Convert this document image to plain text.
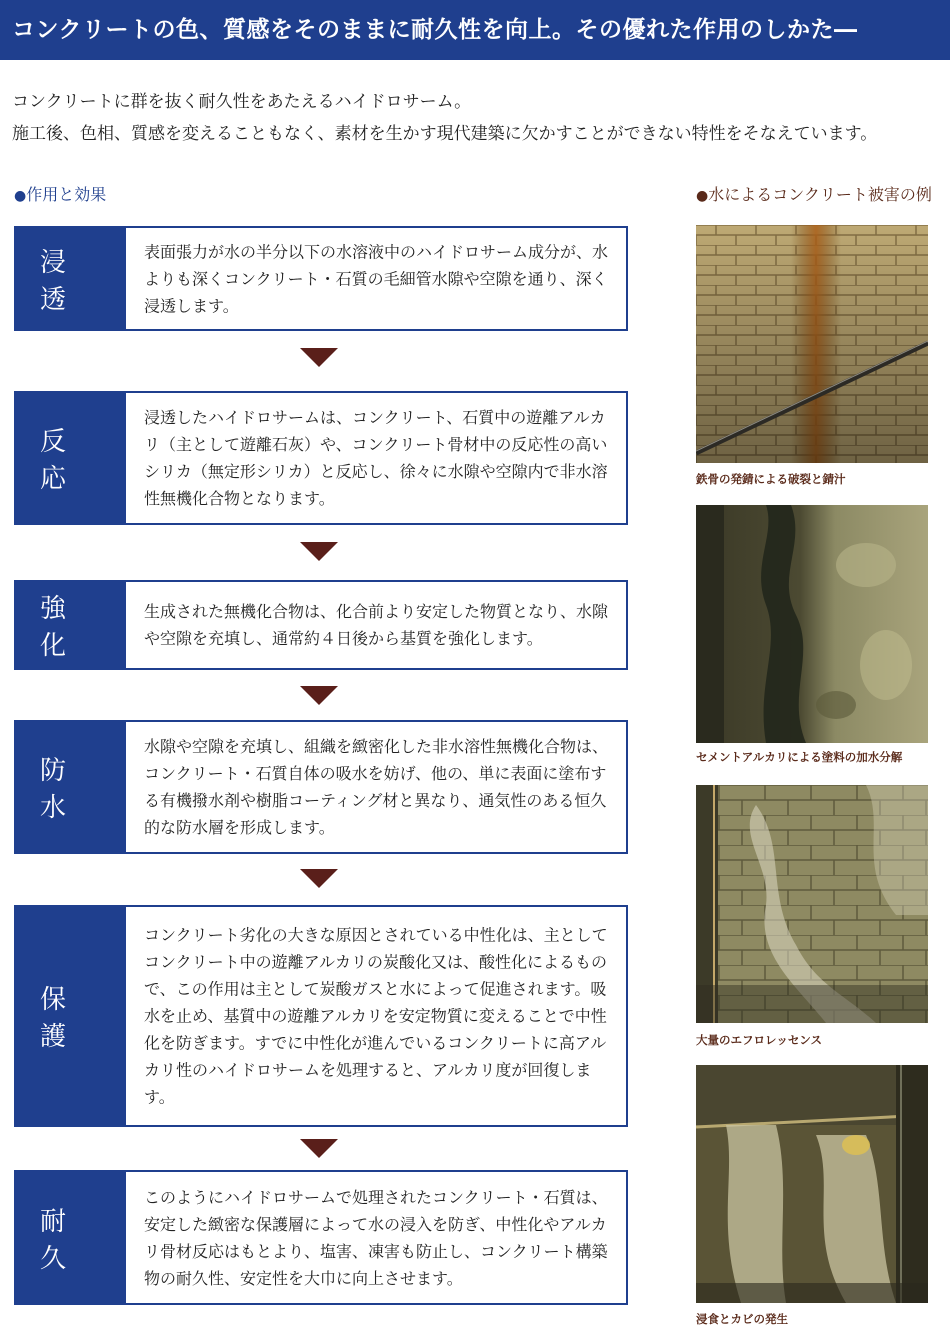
コンクリートの色、質感をそのままに耐久性を向上。その優れた作用のしかた―
コンクリートに群を抜く耐久性をあたえるハイドロサーム。
施工後、色相、質感を変えることもなく、素材を生かす現代建築に欠かすことができない特性をそなえています。
●作用と効果	●水によるコンクリート被害の例
浸透
表面張力が水の半分以下の水溶液中のハイドロサーム成分が、水よりも深くコンクリート・石質の毛細管水隙や空隙を通り、深く浸透します。
反応
浸透したハイドロサームは、コンクリート、石質中の遊離アルカリ（主として遊離石灰）や、コンクリート骨材中の反応性の高いシリカ（無定形シリカ）と反応し、徐々に水隙や空隙内で非水溶性無機化合物となります。
強化
生成された無機化合物は、化合前より安定した物質となり、水隙や空隙を充填し、通常約４日後から基質を強化します。
防水
水隙や空隙を充填し、組織を緻密化した非水溶性無機化合物は、コンクリート・石質自体の吸水を妨げ、他の、単に表面に塗布する有機撥水剤や樹脂コーティング材と異なり、通気性のある恒久的な防水層を形成します。
保護
コンクリート劣化の大きな原因とされている中性化は、主としてコンクリート中の遊離アルカリの炭酸化又は、酸性化によるもので、この作用は主として炭酸ガスと水によって促進されます。吸水を止め、基質中の遊離アルカリを安定物質に変えることで中性化を防ぎます。すでに中性化が進んでいるコンクリートに高アルカリ性のハイドロサームを処理すると、アルカリ度が回復します。
耐久
このようにハイドロサームで処理されたコンクリート・石質は、安定した緻密な保護層によって水の浸入を防ぎ、中性化やアルカリ骨材反応はもとより、塩害、凍害も防止し、コンクリート構築物の耐久性、安定性を大巾に向上させます。
鉄骨の発錆による破裂と錆汁
セメントアルカリによる塗料の加水分解
大量のエフロレッセンス
浸食とカビの発生
